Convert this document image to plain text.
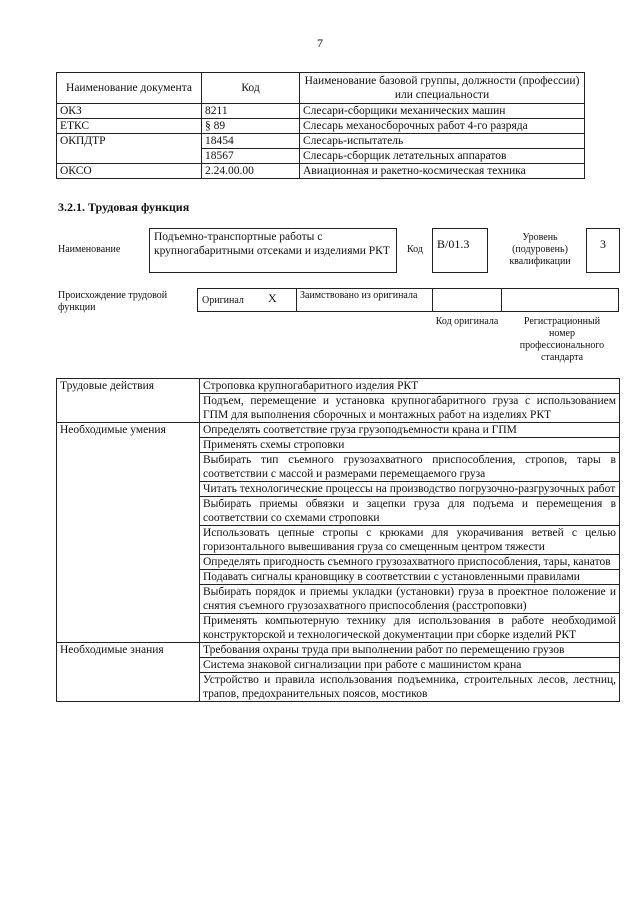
7
Наименование документа	Код	Наименование базовой группы, должности (профессии) или специальности
ОКЗ	8211	Слесари-сборщики механических машин
ЕТКС	§ 89	Слесарь механосборочных работ 4-го разряда
ОКПДТР	18454	Слесарь-испытатель
	18567	Слесарь-сборщик летательных аппаратов
ОКСО	2.24.00.00	Авиационная и ракетно-космическая техника
3.2.1. Трудовая функция
Наименование
Подъемно-транспортные работы с крупногабаритными отсеками и изделиями РКТ	Код	B/01.3	Уровень (подуровень) квалификации
3
Происхождение трудовой функции
Оригинал X	Заимствовано из оригинала
Код оригинала	Регистрационный номер профессионального стандарта
Трудовые действия	Строповка крупногабаритного изделия РКТ
	Подъем, перемещение и установка крупногабаритного груза с использованием ГПМ для выполнения сборочных и монтажных работ на изделиях РКТ
Необходимые умения	Определять соответствие груза грузоподъемности крана и ГПМ
	Применять схемы строповки
	Выбирать тип съемного грузозахватного приспособления, стропов, тары в соответствии с массой и размерами перемещаемого груза
	Читать технологические процессы на производство погрузочно-разгрузочных работ
	Выбирать приемы обвязки и зацепки груза для подъема и перемещения в соответствии со схемами строповки
	Использовать цепные стропы с крюками для укорачивания ветвей с целью горизонтального вывешивания груза со смещенным центром тяжести
	Определять пригодность съемного грузозахватного приспособления, тары, канатов
	Подавать сигналы крановщику в соответствии с установленными правилами
	Выбирать порядок и приемы укладки (установки) груза в проектное положение и снятия съемного грузозахватного приспособления (расстроповки)
	Применять компьютерную технику для использования в работе необходимой конструкторской и технологической документации при сборке изделий РКТ
Необходимые знания	Требования охраны труда при выполнении работ по перемещению грузов
	Система знаковой сигнализации при работе с машинистом крана
	Устройство и правила использования подъемника, строительных лесов, лестниц, трапов, предохранительных поясов, мостиков
